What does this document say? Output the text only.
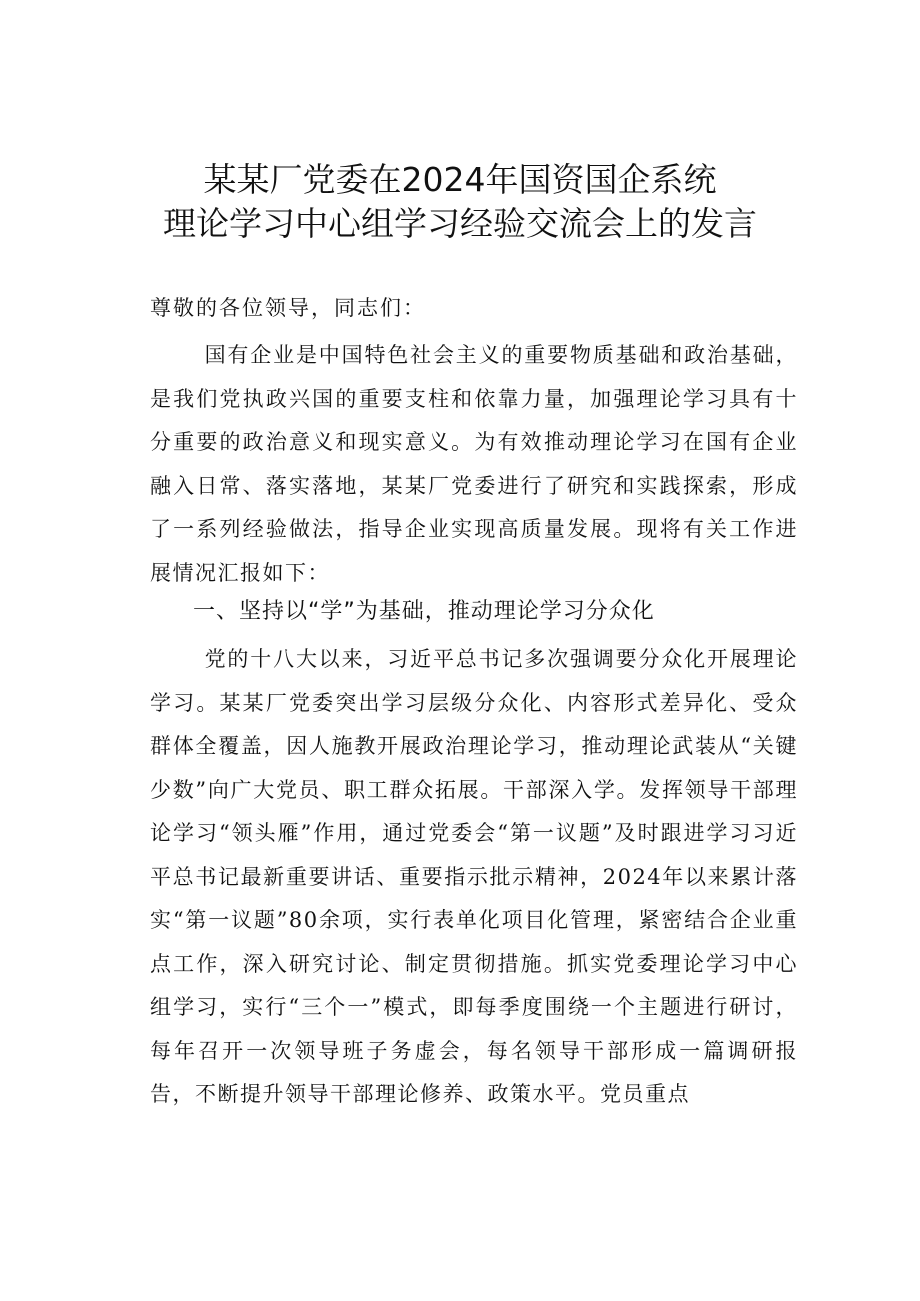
某某厂党委在2024年国资国企系统
理论学习中心组学习经验交流会上的发言
尊敬的各位领导，同志们：
国有企业是中国特色社会主义的重要物质基础和政治基础，是我们党执政兴国的重要支柱和依靠力量，加强理论学习具有十分重要的政治意义和现实意义。为有效推动理论学习在国有企业融入日常、落实落地，某某厂党委进行了研究和实践探索，形成了一系列经验做法，指导企业实现高质量发展。现将有关工作进展情况汇报如下：
一、坚持以“学”为基础，推动理论学习分众化
党的十八大以来，习近平总书记多次强调要分众化开展理论学习。某某厂党委突出学习层级分众化、内容形式差异化、受众群体全覆盖，因人施教开展政治理论学习，推动理论武装从“关键少数”向广大党员、职工群众拓展。干部深入学。发挥领导干部理论学习“领头雁”作用，通过党委会“第一议题”及时跟进学习习近平总书记最新重要讲话、重要指示批示精神，2024年以来累计落实“第一议题”80余项，实行表单化项目化管理，紧密结合企业重点工作，深入研究讨论、制定贯彻措施。抓实党委理论学习中心组学习，实行“三个一”模式，即每季度围绕一个主题进行研讨，每年召开一次领导班子务虚会，每名领导干部形成一篇调研报告，不断提升领导干部理论修养、政策水平。党员重点
